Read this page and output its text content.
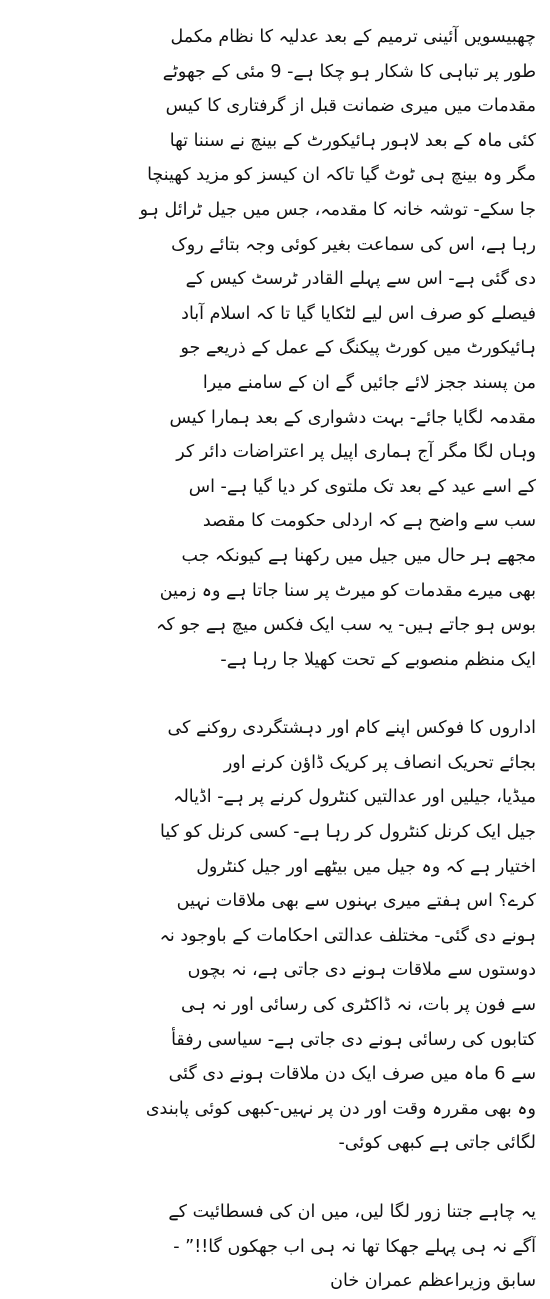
چھبیسویں آئینی ترمیم کے بعد عدلیہ کا نظام مکمل
طور پر تباہی کا شکار ہو چکا ہے- 9 مئی کے جھوٹے
مقدمات میں میری ضمانت قبل از گرفتاری کا کیس
کئی ماہ کے بعد لاہور ہائیکورٹ کے بینچ نے سننا تھا
مگر وہ بینچ ہی ٹوٹ گیا تاکہ ان کیسز کو مزید کھینچا
جا سکے- توشہ خانہ کا مقدمہ، جس میں جیل ٹرائل ہو
رہا ہے، اس کی سماعت بغیر کوئی وجہ بتائے روک
دی گئی ہے- اس سے پہلے القادر ٹرسٹ کیس کے
فیصلے کو صرف اس لیے لٹکایا گیا تا کہ اسلام آباد
ہائیکورٹ میں کورٹ پیکنگ کے عمل کے ذریعے جو
من پسند ججز لائے جائیں گے ان کے سامنے میرا
مقدمہ لگایا جائے- بہت دشواری کے بعد ہمارا کیس
وہاں لگا مگر آج ہماری اپیل پر اعتراضات دائر کر
کے اسے عید کے بعد تک ملتوی کر دیا گیا ہے- اس
سب سے واضح ہے کہ اردلی حکومت کا مقصد
مجھے ہر حال میں جیل میں رکھنا ہے کیونکہ جب
بھی میرے مقدمات کو میرٹ پر سنا جاتا ہے وہ زمین
بوس ہو جاتے ہیں- یہ سب ایک فکس میچ ہے جو کہ
ایک منظم منصوبے کے تحت کھیلا جا رہا ہے-
اداروں کا فوکس اپنے کام اور دہشتگردی روکنے کی
بجائے تحریک انصاف پر کریک ڈاؤن کرنے اور
میڈیا، جیلیں اور عدالتیں کنٹرول کرنے پر ہے- اڈیالہ
جیل ایک کرنل کنٹرول کر رہا ہے- کسی کرنل کو کیا
اختیار ہے کہ وہ جیل میں بیٹھے اور جیل کنٹرول
کرے؟ اس ہفتے میری بہنوں سے بھی ملاقات نہیں
ہونے دی گئی- مختلف عدالتی احکامات کے باوجود نہ
دوستوں سے ملاقات ہونے دی جاتی ہے، نہ بچوں
سے فون پر بات، نہ ڈاکٹری کی رسائی اور نہ ہی
کتابوں کی رسائی ہونے دی جاتی ہے- سیاسی رفقأ
سے 6 ماہ میں صرف ایک دن ملاقات ہونے دی گئی
وہ بھی مقررہ وقت اور دن پر نہیں-کبھی کوئی پابندی
لگائی جاتی ہے کبھی کوئی-
یہ چاہے جتنا زور لگا لیں، میں ان کی فسطائیت کے
آگے نہ ہی پہلے جھکا تھا نہ ہی اب جھکوں گا!!” -
سابق وزیراعظم عمران خان
